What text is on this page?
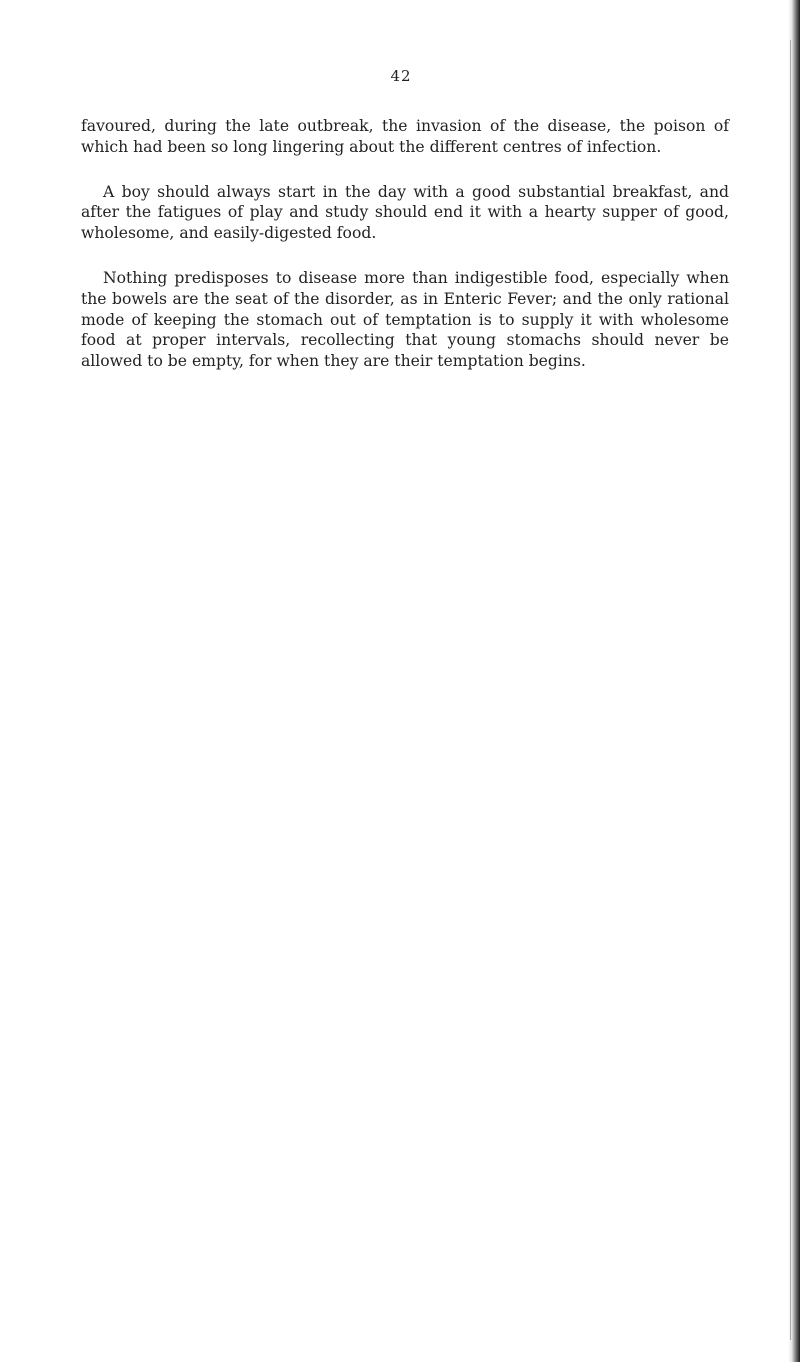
42

favoured, during the late outbreak, the invasion of the disease, the poison of which had been so long lingering about the different centres of infection.

A boy should always start in the day with a good substantial breakfast, and after the fatigues of play and study should end it with a hearty supper of good, wholesome, and easily-digested food.

Nothing predisposes to disease more than indigestible food, especially when the bowels are the seat of the disorder, as in Enteric Fever; and the only rational mode of keeping the stomach out of temptation is to supply it with wholesome food at proper intervals, recollecting that young stomachs should never be allowed to be empty, for when they are their temptation begins.
